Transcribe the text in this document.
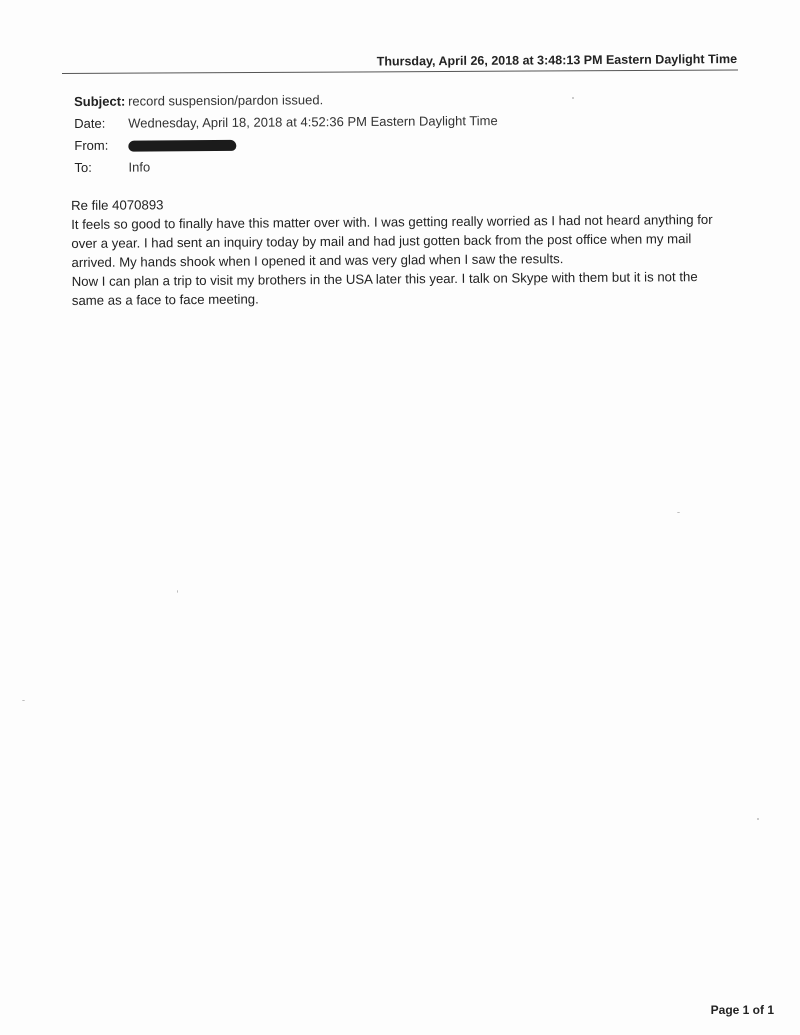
Thursday, April 26, 2018 at 3:48:13 PM Eastern Daylight Time
Subject: record suspension/pardon issued.
Date: Wednesday, April 18, 2018 at 4:52:36 PM Eastern Daylight Time
From:
To:	Info

Re file 4070893

It feels so good to finally have this matter over with. I was getting really worried as I had not heard anything for over a year. I had sent an inquiry today by mail and had just gotten back from the post office when my mail arrived. My hands shook when I opened it and was very glad when I saw the results.

Now I can plan a trip to visit my brothers in the USA later this year. I talk on Skype with them but it is not the same as a face to face meeting.

Page 1 of 1
